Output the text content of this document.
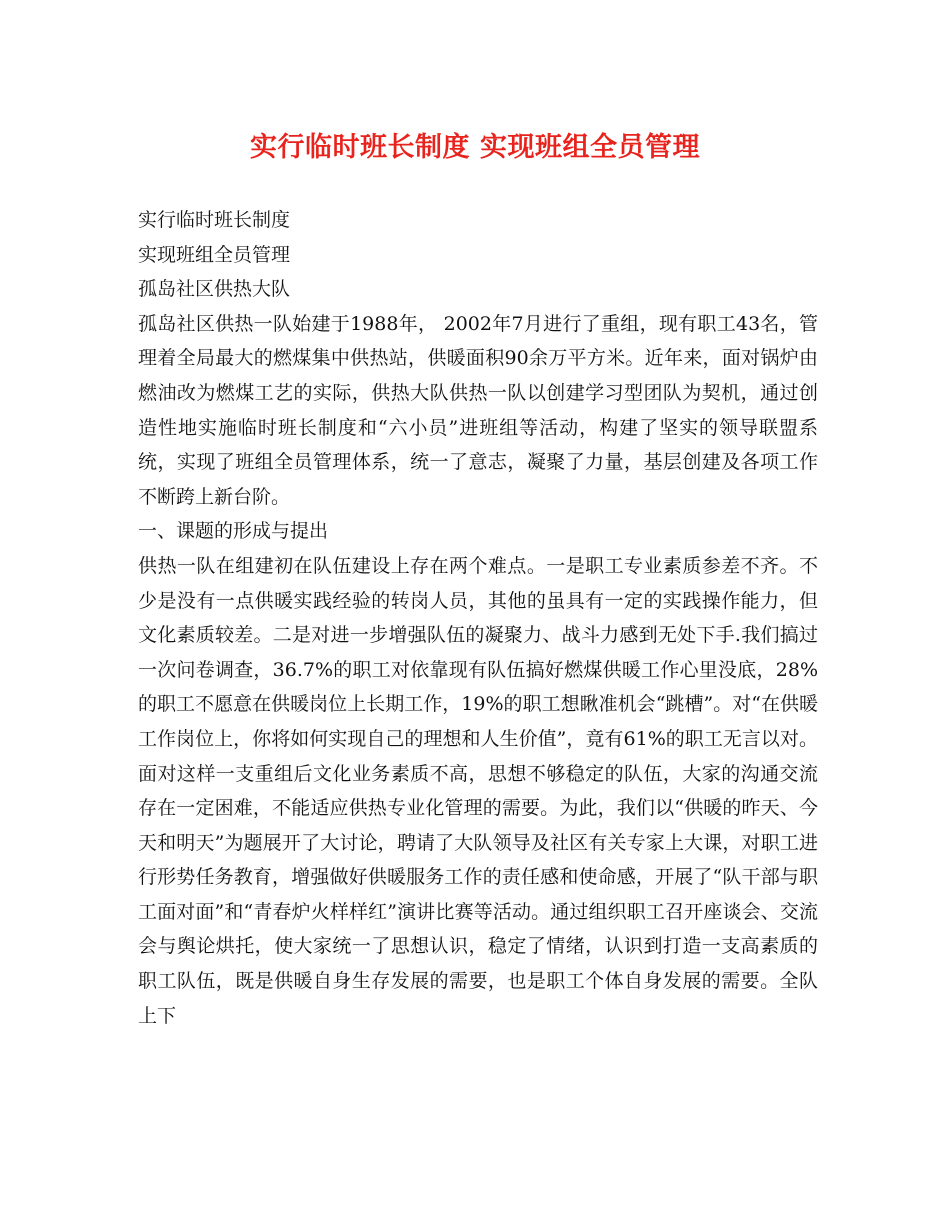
实行临时班长制度 实现班组全员管理

实行临时班长制度

实现班组全员管理

孤岛社区供热大队

孤岛社区供热一队始建于1988年， 2002年7月进行了重组，现有职工43名，管理着全局最大的燃煤集中供热站，供暖面积90余万平方米。近年来，面对锅炉由燃油改为燃煤工艺的实际，供热大队供热一队以创建学习型团队为契机，通过创造性地实施临时班长制度和“六小员”进班组等活动，构建了坚实的领导联盟系统，实现了班组全员管理体系，统一了意志，凝聚了力量，基层创建及各项工作不断跨上新台阶。

一、课题的形成与提出

供热一队在组建初在队伍建设上存在两个难点。一是职工专业素质参差不齐。不少是没有一点供暖实践经验的转岗人员，其他的虽具有一定的实践操作能力，但文化素质较差。二是对进一步增强队伍的凝聚力、战斗力感到无处下手.我们搞过一次问卷调查，36.7%的职工对依靠现有队伍搞好燃煤供暖工作心里没底，28%的职工不愿意在供暖岗位上长期工作，19%的职工想瞅准机会“跳槽”。对“在供暖工作岗位上，你将如何实现自己的理想和人生价值”，竟有61%的职工无言以对。面对这样一支重组后文化业务素质不高，思想不够稳定的队伍，大家的沟通交流存在一定困难，不能适应供热专业化管理的需要。为此，我们以“供暖的昨天、今天和明天”为题展开了大讨论，聘请了大队领导及社区有关专家上大课，对职工进行形势任务教育，增强做好供暖服务工作的责任感和使命感，开展了“队干部与职工面对面”和“青春炉火样样红”演讲比赛等活动。通过组织职工召开座谈会、交流会与舆论烘托，使大家统一了思想认识，稳定了情绪，认识到打造一支高素质的职工队伍，既是供暖自身生存发展的需要，也是职工个体自身发展的需要。全队上下
